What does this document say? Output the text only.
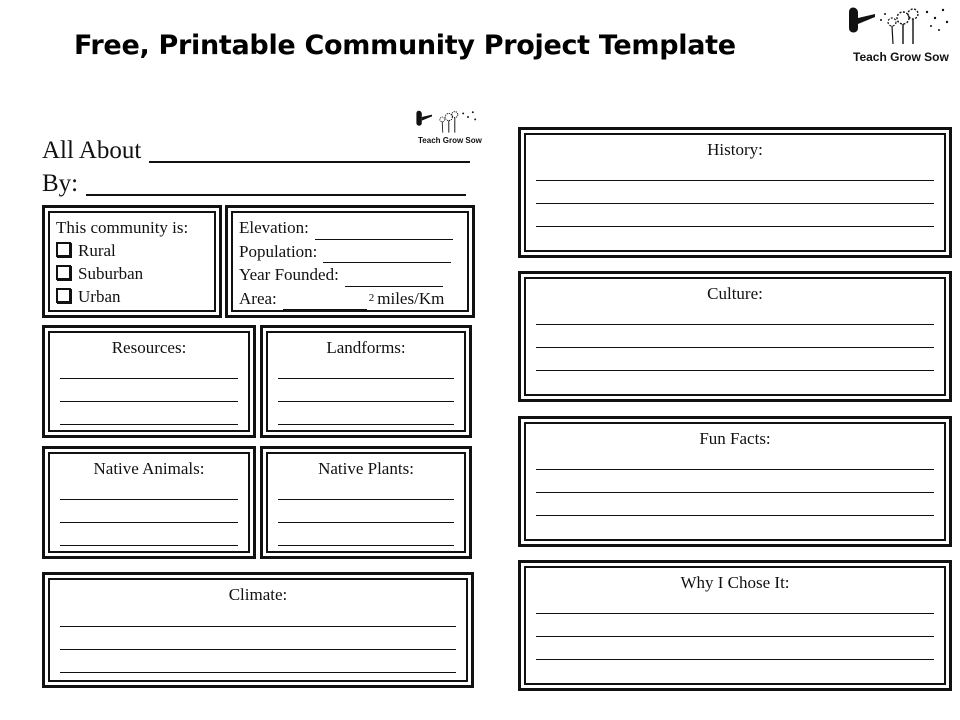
Free, Printable Community Project Template	Teach Grow Sow
Teach Grow Sow
All About
By:
This community is:
Rural
Suburban
Urban
Elevation:
Population:
Year Founded:
Area:	2 miles/Km
Resources:	Landforms:
Native Animals:	Native Plants:
Climate:
History:
Culture:
Fun Facts:
Why I Chose It:
